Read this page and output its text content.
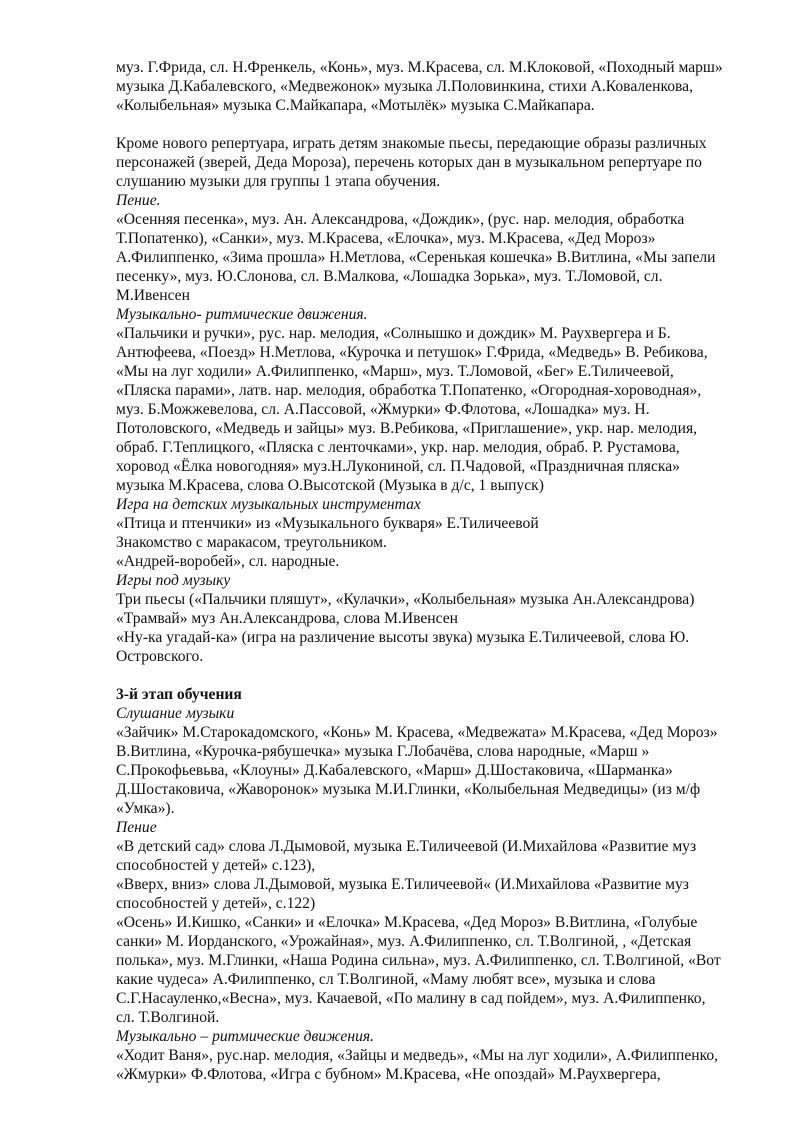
муз. Г.Фрида, сл. Н.Френкель, «Конь», муз. М.Красева, сл. М.Клоковой, «Походный марш»
музыка Д.Кабалевского, «Медвежонок» музыка Л.Половинкина, стихи А.Коваленкова,
«Колыбельная» музыка С.Майкапара, «Мотылёк» музыка С.Майкапара.
Кроме нового репертуара, играть детям знакомые пьесы, передающие образы различных
персонажей (зверей, Деда Мороза), перечень которых дан в музыкальном репертуаре по
слушанию музыки для группы 1 этапа обучения.
Пение.
«Осенняя песенка», муз. Ан. Александрова, «Дождик», (рус. нар. мелодия, обработка
Т.Попатенко), «Санки», муз. М.Красева, «Елочка», муз. М.Красева, «Дед Мороз»
А.Филиппенко, «Зима прошла» Н.Метлова, «Серенькая кошечка» В.Витлина, «Мы запели
песенку», муз. Ю.Слонова, сл. В.Малкова, «Лошадка Зорька», муз. Т.Ломовой, сл.
М.Ивенсен
Музыкально- ритмические движения.
«Пальчики и ручки», рус. нар. мелодия, «Солнышко и дождик» М. Раухвергера и Б.
Антюфеева, «Поезд» Н.Метлова, «Курочка и петушок» Г.Фрида, «Медведь» В. Ребикова,
«Мы на луг ходили» А.Филиппенко, «Марш», муз. Т.Ломовой, «Бег» Е.Тиличеевой,
«Пляска парами», латв. нар. мелодия, обработка Т.Попатенко, «Огородная-хороводная»,
муз. Б.Можжевелова, сл. А.Пассовой, «Жмурки» Ф.Флотова, «Лошадка» муз. Н.
Потоловского, «Медведь и зайцы» муз. В.Ребикова, «Приглашение», укр. нар. мелодия,
обраб. Г.Теплицкого, «Пляска с ленточками», укр. нар. мелодия, обраб. Р. Рустамова,
хоровод «Ёлка новогодняя» муз.Н.Лукониной, сл. П.Чадовой, «Праздничная пляска»
музыка М.Красева, слова О.Высотской (Музыка в д/с, 1 выпуск)
Игра на детских музыкальных инструментах
«Птица и птенчики» из «Музыкального букваря» Е.Тиличеевой
Знакомство с маракасом, треугольником.
«Андрей-воробей», сл. народные.
Игры под музыку
Три пьесы («Пальчики пляшут», «Кулачки», «Колыбельная» музыка Ан.Александрова)
«Трамвай» муз Ан.Александрова, слова М.Ивенсен
«Ну-ка угадай-ка» (игра на различение высоты звука) музыка Е.Тиличеевой, слова Ю.
Островского.
3-й этап обучения
Слушание музыки
«Зайчик» М.Старокадомского, «Конь» М. Красева, «Медвежата» М.Красева, «Дед Мороз»
В.Витлина, «Курочка-рябушечка» музыка Г.Лобачёва, слова народные, «Марш »
С.Прокофьевьва, «Клоуны» Д.Кабалевского, «Марш» Д.Шостаковича, «Шарманка»
Д.Шостаковича, «Жаворонок» музыка М.И.Глинки, «Колыбельная Медведицы» (из м/ф
«Умка»).
Пение
«В детский сад» слова Л.Дымовой, музыка Е.Тиличеевой (И.Михайлова «Развитие муз
способностей у детей» с.123),
«Вверх, вниз» слова Л.Дымовой, музыка Е.Тиличеевой« (И.Михайлова «Развитие муз
способностей у детей», с.122)
«Осень» И.Кишко, «Санки» и «Елочка» М.Красева, «Дед Мороз» В.Витлина, «Голубые
санки» М. Иорданского, «Урожайная», муз. А.Филиппенко, сл. Т.Волгиной, , «Детская
полька», муз. М.Глинки, «Наша Родина сильна», муз. А.Филиппенко, сл. Т.Волгиной, «Вот
какие чудеса» А.Филиппенко, сл Т.Волгиной, «Маму любят все», музыка и слова
С.Г.Насауленко,«Весна», муз. Качаевой, «По малину в сад пойдем», муз. А.Филиппенко,
сл. Т.Волгиной.
Музыкально – ритмические движения.
«Ходит Ваня», рус.нар. мелодия, «Зайцы и медведь», «Мы на луг ходили», А.Филиппенко,
«Жмурки» Ф.Флотова, «Игра с бубном» М.Красева, «Не опоздай» М.Раухвергера,
